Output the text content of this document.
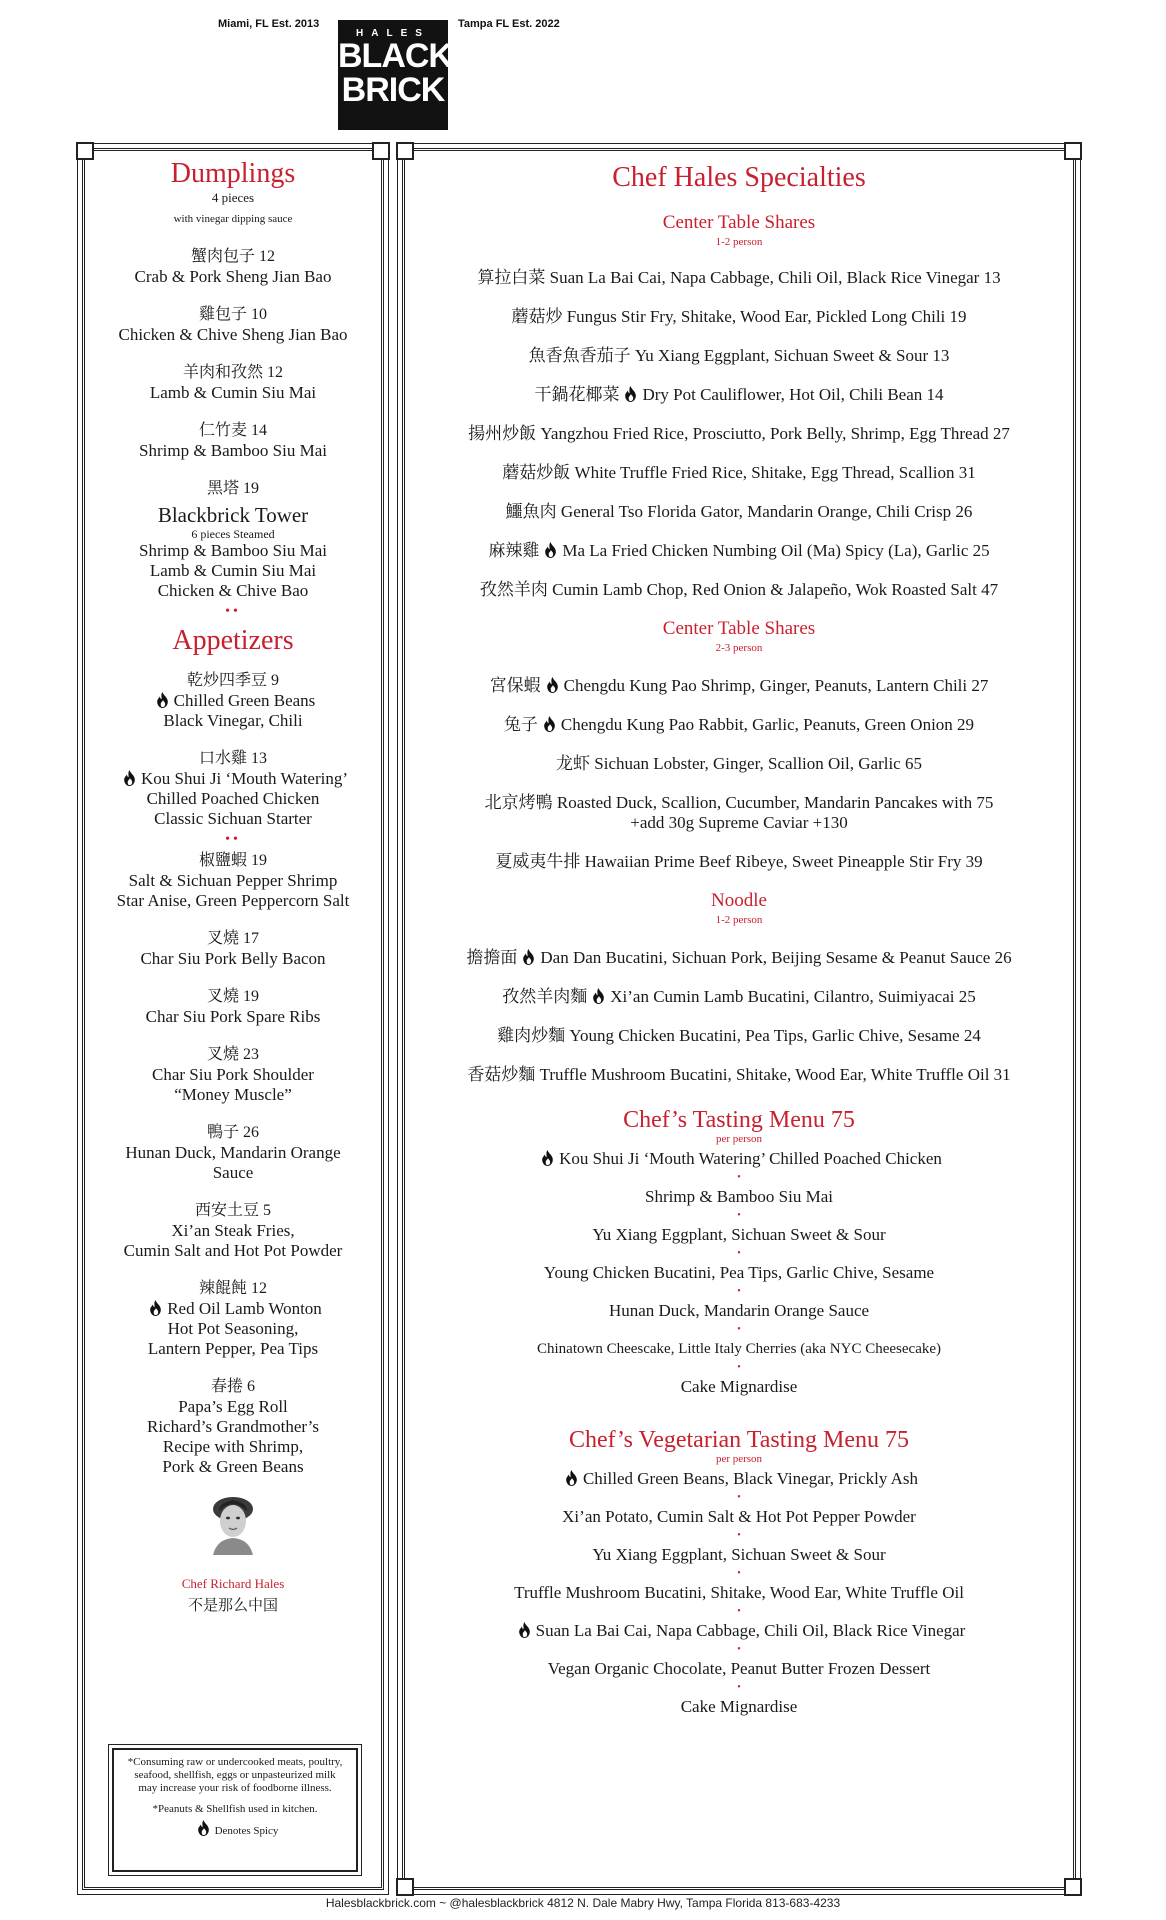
Miami, FL Est. 2013	Tampa FL Est. 2022
HALES
BLACK
BRICK
Dumplings
4 pieces
with vinegar dipping sauce
蟹肉包子 12
Crab & Pork Sheng Jian Bao
雞包子 10
Chicken & Chive Sheng Jian Bao
羊肉和孜然 12
Lamb & Cumin Siu Mai
仁竹麦 14
Shrimp & Bamboo Siu Mai
黑塔 19
Blackbrick Tower
6 pieces Steamed
Shrimp & Bamboo Siu Mai
Lamb & Cumin Siu Mai
Chicken & Chive Bao
••
Appetizers
乾炒四季豆 9
Chilled Green Beans
Black Vinegar, Chili
口水雞 13
Kou Shui Ji ‘Mouth Watering’
Chilled Poached Chicken
Classic Sichuan Starter
••
椒鹽蝦 19
Salt & Sichuan Pepper Shrimp
Star Anise, Green Peppercorn Salt
叉燒 17
Char Siu Pork Belly Bacon
叉燒 19
Char Siu Pork Spare Ribs
叉燒 23
Char Siu Pork Shoulder
“Money Muscle”
鴨子 26
Hunan Duck, Mandarin Orange
Sauce
西安土豆 5
Xi’an Steak Fries,
Cumin Salt and Hot Pot Powder
辣餛飩 12
Red Oil Lamb Wonton
Hot Pot Seasoning,
Lantern Pepper, Pea Tips
春捲 6
Papa’s Egg Roll
Richard’s Grandmother’s
Recipe with Shrimp,
Pork & Green Beans
Chef Richard Hales
不是那么中国

*Consuming raw or undercooked meats, poultry, seafood, shellfish, eggs or unpasteurized milk may increase your risk of foodborne illness.

*Peanuts & Shellfish used in kitchen.

Denotes Spicy
Chef Hales Specialties
Center Table Shares
1-2 person
算拉白菜 Suan La Bai Cai, Napa Cabbage, Chili Oil, Black Rice Vinegar 13
蘑菇炒 Fungus Stir Fry, Shitake, Wood Ear, Pickled Long Chili 19
魚香魚香茄子 Yu Xiang Eggplant, Sichuan Sweet & Sour 13
干鍋花椰菜 Dry Pot Cauliflower, Hot Oil, Chili Bean 14
揚州炒飯 Yangzhou Fried Rice, Prosciutto, Pork Belly, Shrimp, Egg Thread 27
蘑菇炒飯 White Truffle Fried Rice, Shitake, Egg Thread, Scallion 31
鱷魚肉 General Tso Florida Gator, Mandarin Orange, Chili Crisp 26
麻辣雞 Ma La Fried Chicken Numbing Oil (Ma) Spicy (La), Garlic 25
孜然羊肉 Cumin Lamb Chop, Red Onion & Jalapeño, Wok Roasted Salt 47
Center Table Shares
2-3 person
宮保蝦 Chengdu Kung Pao Shrimp, Ginger, Peanuts, Lantern Chili 27
兔子 Chengdu Kung Pao Rabbit, Garlic, Peanuts, Green Onion 29
龙虾 Sichuan Lobster, Ginger, Scallion Oil, Garlic 65
北京烤鴨 Roasted Duck, Scallion, Cucumber, Mandarin Pancakes with 75
+add 30g Supreme Caviar +130
夏威夷牛排 Hawaiian Prime Beef Ribeye, Sweet Pineapple Stir Fry 39
Noodle
1-2 person
擔擔面 Dan Dan Bucatini, Sichuan Pork, Beijing Sesame & Peanut Sauce 26
孜然羊肉麵 Xi’an Cumin Lamb Bucatini, Cilantro, Suimiyacai 25
雞肉炒麵 Young Chicken Bucatini, Pea Tips, Garlic Chive, Sesame 24
香菇炒麵 Truffle Mushroom Bucatini, Shitake, Wood Ear, White Truffle Oil 31
Chef’s Tasting Menu 75
per person
Kou Shui Ji ‘Mouth Watering’ Chilled Poached Chicken
•
Shrimp & Bamboo Siu Mai
•
Yu Xiang Eggplant, Sichuan Sweet & Sour
•
Young Chicken Bucatini, Pea Tips, Garlic Chive, Sesame
•
Hunan Duck, Mandarin Orange Sauce
•
Chinatown Cheescake, Little Italy Cherries (aka NYC Cheesecake)
•
Cake Mignardise
Chef’s Vegetarian Tasting Menu 75
per person
Chilled Green Beans, Black Vinegar, Prickly Ash
•
Xi’an Potato, Cumin Salt & Hot Pot Pepper Powder
•
Yu Xiang Eggplant, Sichuan Sweet & Sour
•
Truffle Mushroom Bucatini, Shitake, Wood Ear, White Truffle Oil
•
Suan La Bai Cai, Napa Cabbage, Chili Oil, Black Rice Vinegar
•
Vegan Organic Chocolate, Peanut Butter Frozen Dessert
•
Cake Mignardise
Halesblackbrick.com ~ @halesblackbrick 4812 N. Dale Mabry Hwy, Tampa Florida 813-683-4233
